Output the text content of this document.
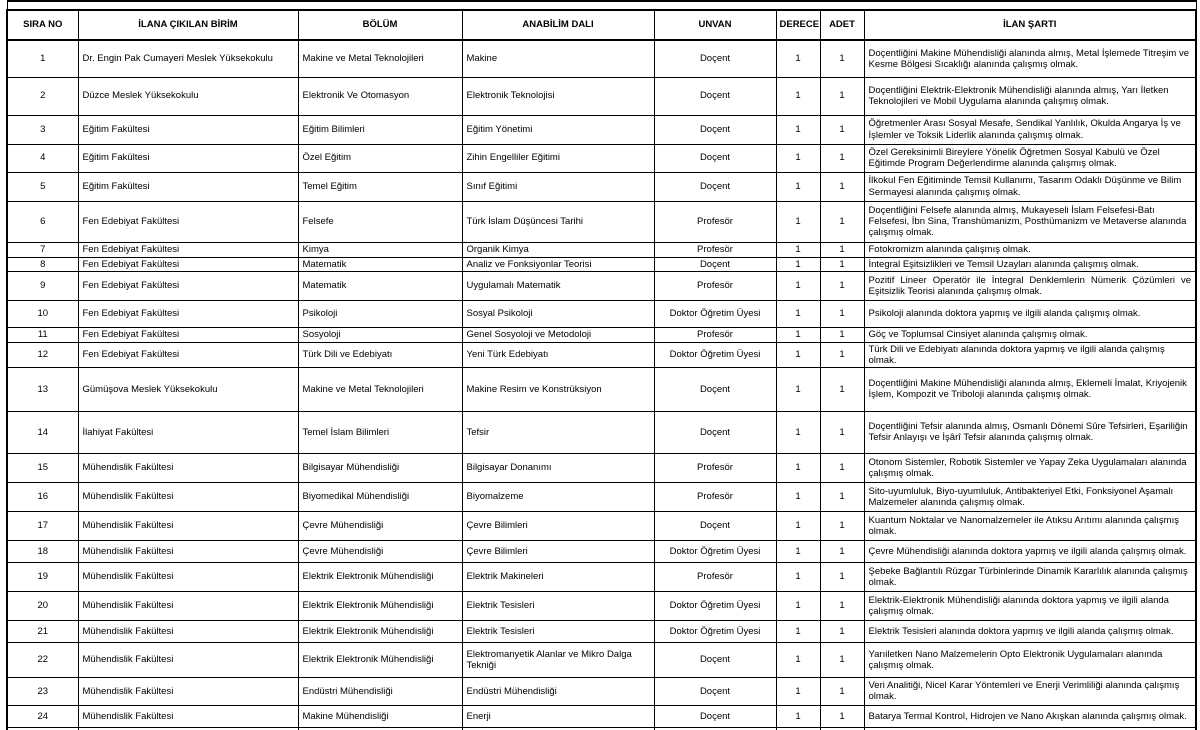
SIRA NO	İLANA ÇIKILAN BİRİM	BÖLÜM	ANABİLİM DALI	UNVAN	DERECE	ADET	İLAN ŞARTI
1	Dr. Engin Pak Cumayeri Meslek Yüksekokulu	Makine ve Metal Teknolojileri	Makine	Doçent	1	1	Doçentliğini Makine Mühendisliği alanında almış, Metal İşlemede Titreşim ve Kesme Bölgesi Sıcaklığı alanında çalışmış olmak.
2	Düzce Meslek Yüksekokulu	Elektronik Ve Otomasyon	Elektronik Teknolojisi	Doçent	1	1	Doçentliğini Elektrik-Elektronik Mühendisliği alanında almış, Yarı İletken Teknolojileri ve Mobil Uygulama alanında çalışmış olmak.
3	Eğitim Fakültesi	Eğitim Bilimleri	Eğitim Yönetimi	Doçent	1	1	Öğretmenler Arası Sosyal Mesafe, Sendikal Yanlılık, Okulda Angarya İş ve İşlemler ve Toksik Liderlik alanında çalışmış olmak.
4	Eğitim Fakültesi	Özel Eğitim	Zihin Engelliler Eğitimi	Doçent	1	1	Özel Gereksinimli Bireylere Yönelik Öğretmen Sosyal Kabulü ve Özel Eğitimde Program Değerlendirme alanında çalışmış olmak.
5	Eğitim Fakültesi	Temel Eğitim	Sınıf Eğitimi	Doçent	1	1	İlkokul Fen Eğitiminde Temsil Kullanımı, Tasarım Odaklı Düşünme ve Bilim Sermayesi alanında çalışmış olmak.
6	Fen Edebiyat Fakültesi	Felsefe	Türk İslam Düşüncesi Tarihi	Profesör	1	1	Doçentliğini Felsefe alanında almış, Mukayeseli İslam Felsefesi-Batı Felsefesi, İbn Sina, Transhümanizm, Posthümanizm ve Metaverse alanında çalışmış olmak.
7	Fen Edebiyat Fakültesi	Kimya	Organik Kimya	Profesör	1	1	Fotokromizm alanında çalışmış olmak.
8	Fen Edebiyat Fakültesi	Matematik	Analiz ve Fonksiyonlar Teorisi	Doçent	1	1	İntegral Eşitsizlikleri ve Temsil Uzayları alanında çalışmış olmak.
9	Fen Edebiyat Fakültesi	Matematik	Uygulamalı Matematik	Profesör	1	1	Pozitif Lineer Operatör ile İntegral Denklemlerin Nümerik Çözümleri ve Eşitsizlik Teorisi alanında çalışmış olmak.
10	Fen Edebiyat Fakültesi	Psikoloji	Sosyal Psikoloji	Doktor Öğretim Üyesi	1	1	Psikoloji alanında doktora yapmış ve ilgili alanda çalışmış olmak.
11	Fen Edebiyat Fakültesi	Sosyoloji	Genel Sosyoloji ve Metodoloji	Profesör	1	1	Göç ve Toplumsal Cinsiyet alanında çalışmış olmak.
12	Fen Edebiyat Fakültesi	Türk Dili ve Edebiyatı	Yeni Türk Edebiyatı	Doktor Öğretim Üyesi	1	1	Türk Dili ve Edebiyatı alanında doktora yapmış ve ilgili alanda çalışmış olmak.
13	Gümüşova Meslek Yüksekokulu	Makine ve Metal Teknolojileri	Makine Resim ve Konstrüksiyon	Doçent	1	1	Doçentliğini Makine Mühendisliği alanında almış, Eklemeli İmalat, Kriyojenik İşlem, Kompozit ve Triboloji alanında çalışmış olmak.
14	İlahiyat Fakültesi	Temel İslam Bilimleri	Tefsir	Doçent	1	1	Doçentliğini Tefsir alanında almış, Osmanlı Dönemi Sûre Tefsirleri, Eşariliğin Tefsir Anlayışı ve İşârî Tefsir alanında çalışmış olmak.
15	Mühendislik Fakültesi	Bilgisayar Mühendisliği	Bilgisayar Donanımı	Profesör	1	1	Otonom Sistemler, Robotik Sistemler ve Yapay Zeka Uygulamaları alanında çalışmış olmak.
16	Mühendislik Fakültesi	Biyomedikal Mühendisliği	Biyomalzeme	Profesör	1	1	Sito-uyumluluk, Biyo-uyumluluk, Antibakteriyel Etki, Fonksiyonel Aşamalı Malzemeler alanında çalışmış olmak.
17	Mühendislik Fakültesi	Çevre Mühendisliği	Çevre Bilimleri	Doçent	1	1	Kuantum Noktalar ve Nanomalzemeler ile Atıksu Arıtımı alanında çalışmış olmak.
18	Mühendislik Fakültesi	Çevre Mühendisliği	Çevre Bilimleri	Doktor Öğretim Üyesi	1	1	Çevre Mühendisliği alanında doktora yapmış ve ilgili alanda çalışmış olmak.
19	Mühendislik Fakültesi	Elektrik Elektronik Mühendisliği	Elektrik Makineleri	Profesör	1	1	Şebeke Bağlantılı Rüzgar Türbinlerinde Dinamik Kararlılık alanında çalışmış olmak.
20	Mühendislik Fakültesi	Elektrik Elektronik Mühendisliği	Elektrik Tesisleri	Doktor Öğretim Üyesi	1	1	Elektrik-Elektronik Mühendisliği alanında doktora yapmış ve ilgili alanda çalışmış olmak.
21	Mühendislik Fakültesi	Elektrik Elektronik Mühendisliği	Elektrik Tesisleri	Doktor Öğretim Üyesi	1	1	Elektrik Tesisleri alanında doktora yapmış ve ilgili alanda çalışmış olmak.
22	Mühendislik Fakültesi	Elektrik Elektronik Mühendisliği	Elektromanyetik Alanlar ve Mikro Dalga Tekniği	Doçent	1	1	Yarıiletken Nano Malzemelerin Opto Elektronik Uygulamaları alanında çalışmış olmak.
23	Mühendislik Fakültesi	Endüstri Mühendisliği	Endüstri Mühendisliği	Doçent	1	1	Veri Analitiği, Nicel Karar Yöntemleri ve Enerji Verimliliği alanında çalışmış olmak.
24	Mühendislik Fakültesi	Makine Mühendisliği	Enerji	Doçent	1	1	Batarya Termal Kontrol, Hidrojen ve Nano Akışkan alanında çalışmış olmak.
